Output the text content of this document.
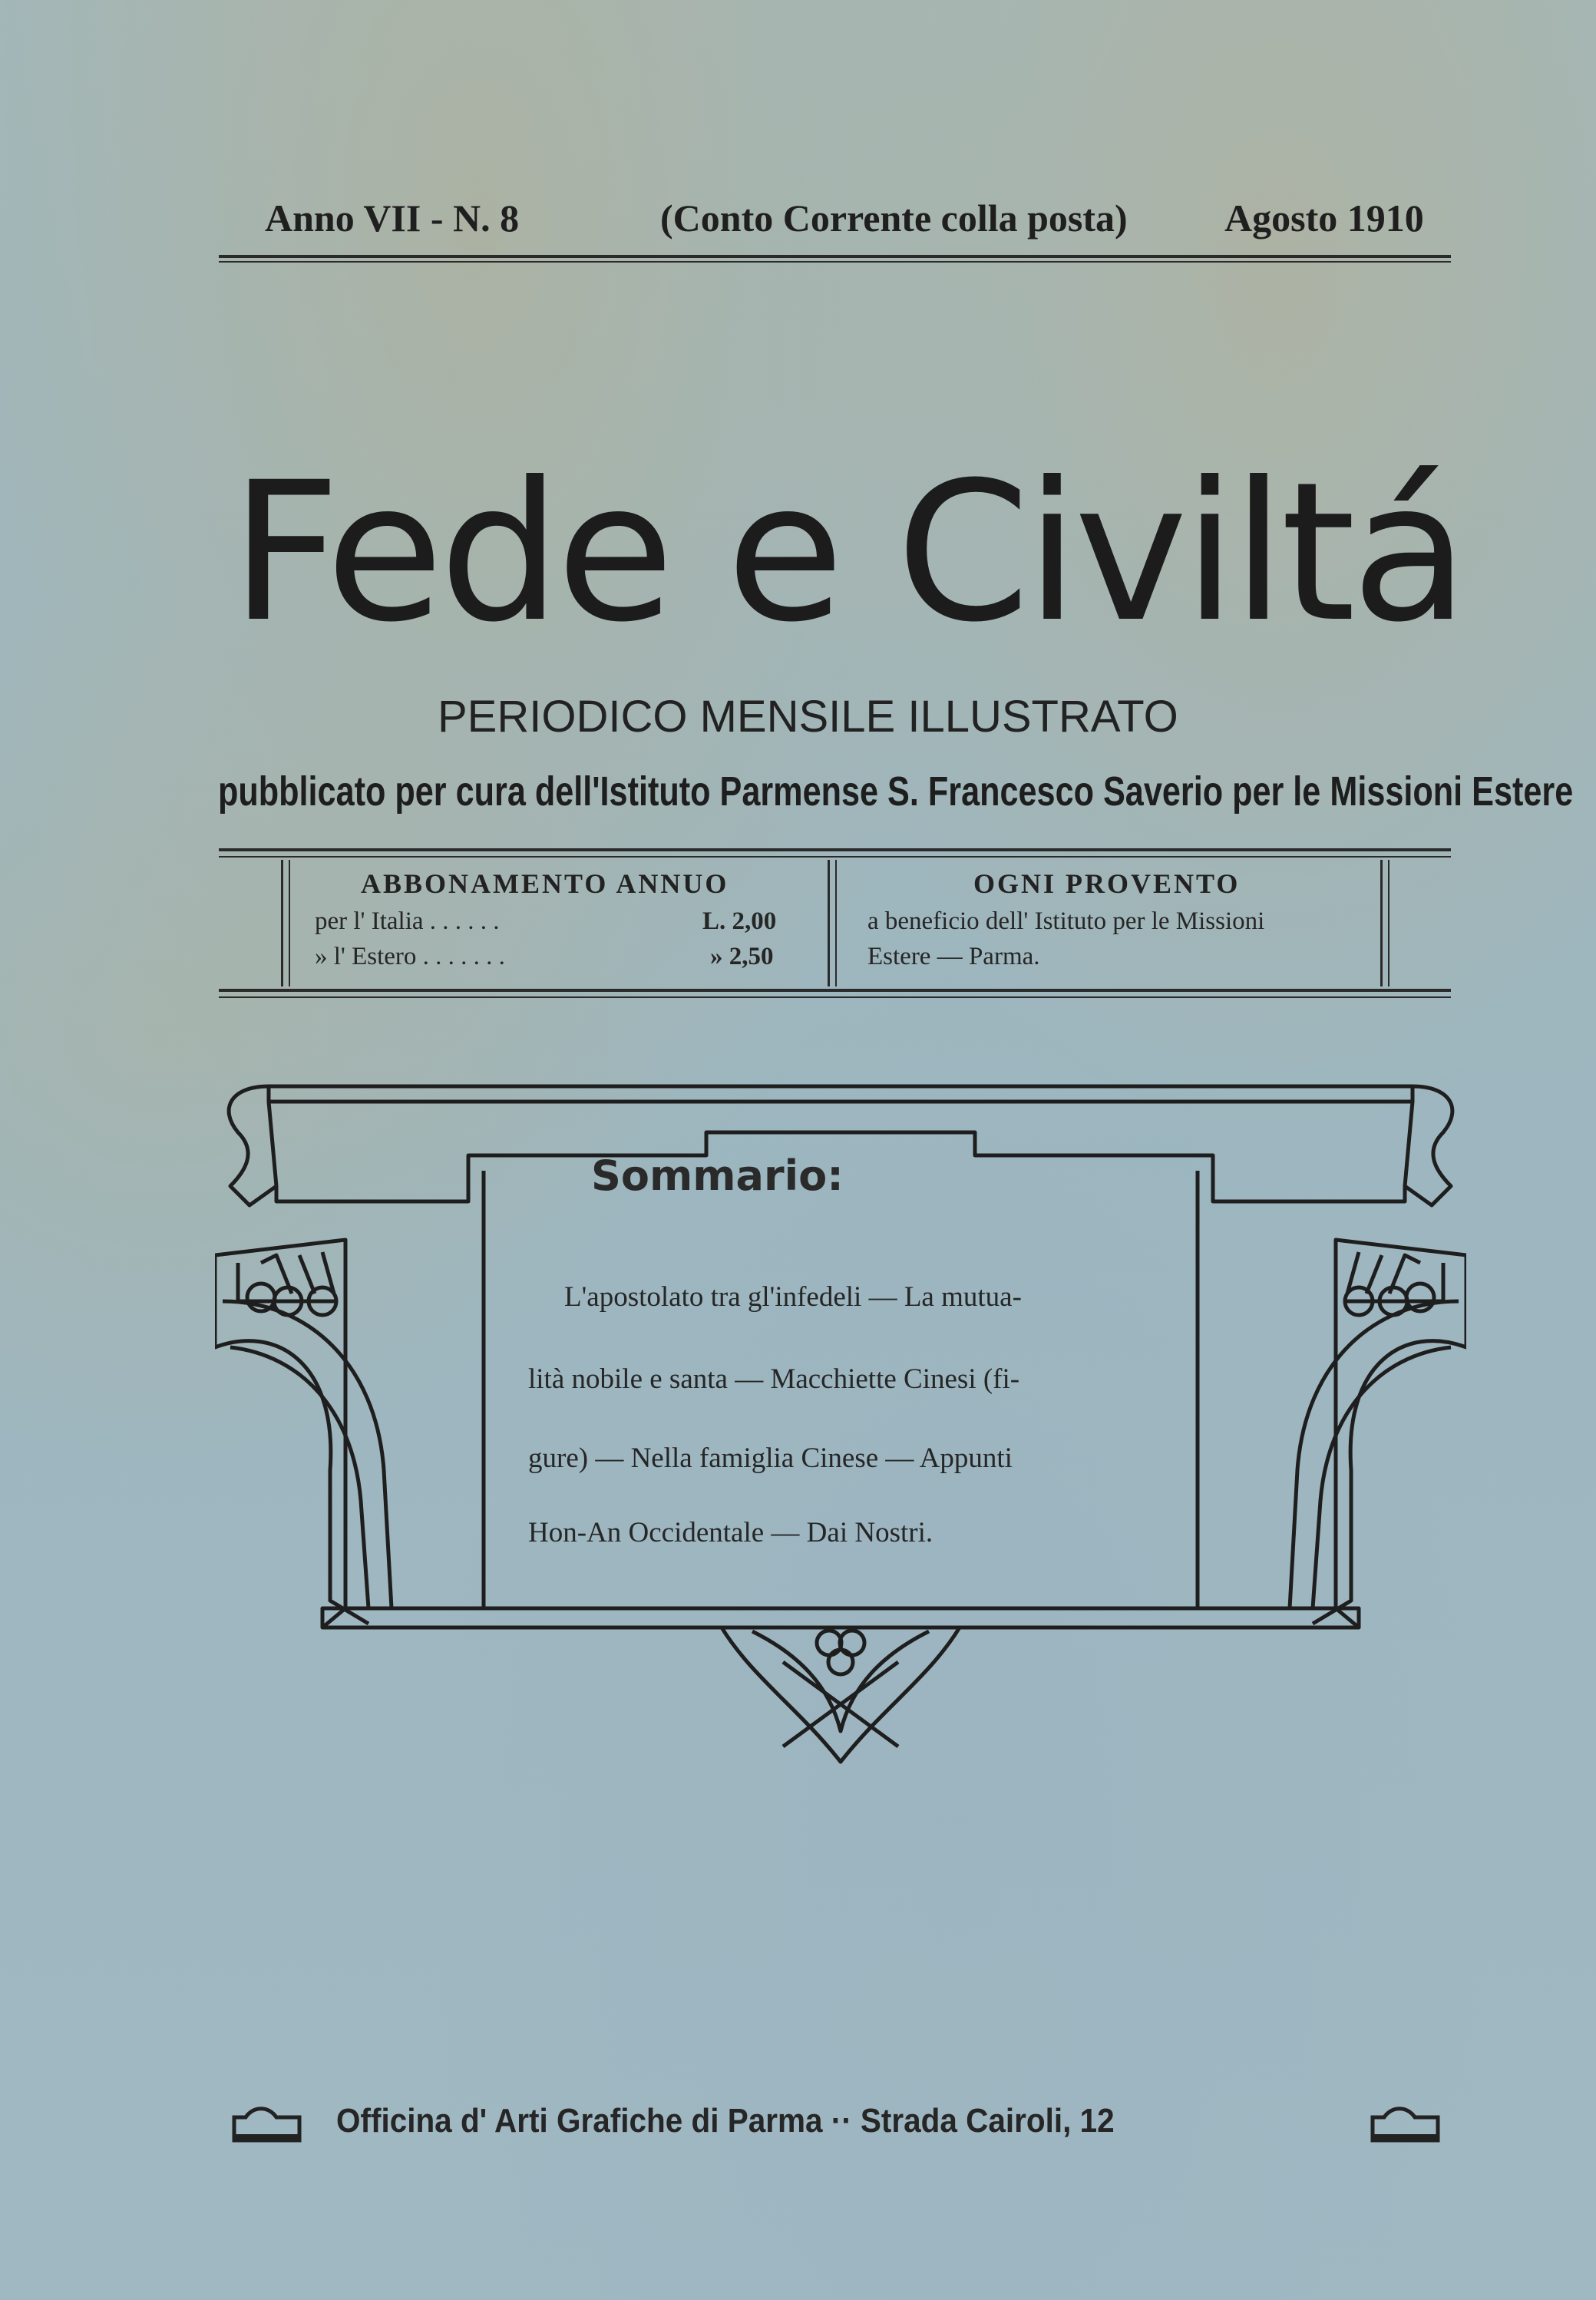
Anno VII - N. 8	(Conto Corrente colla posta)	Agosto 1910
Fede e Civiltá
PERIODICO MENSILE ILLUSTRATO
pubblicato per cura dell'Istituto Parmense S. Francesco Saverio per le Missioni Estere
ABBONAMENTO ANNUO
per l' Italia . . . . . .	L. 2,00
» l' Estero . . . . . . .	» 2,50
OGNI PROVENTO
a beneficio dell' Istituto per le Missioni
Estere — Parma.
Sommario:
L'apostolato tra gl'infedeli — La mutua-
lità nobile e santa — Macchiette Cinesi (fi-
gure) — Nella famiglia Cinese — Appunti
Hon-An Occidentale — Dai Nostri.
Officina d' Arti Grafiche di Parma ·· Strada Cairoli, 12
